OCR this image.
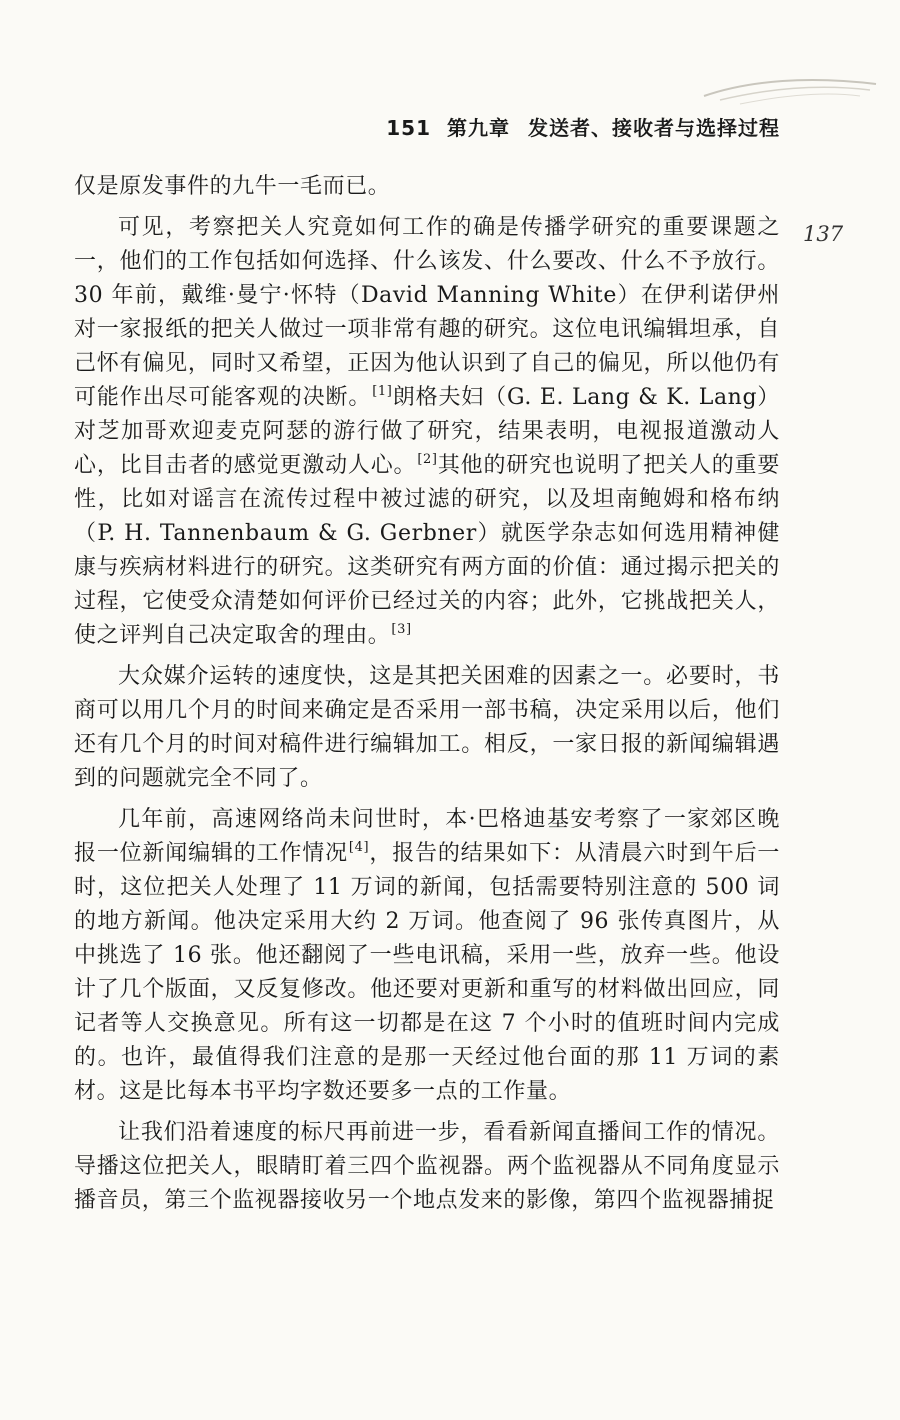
151 第九章 发送者、接收者与选择过程
137

仅是原发事件的九牛一毛而已。

可见，考察把关人究竟如何工作的确是传播学研究的重要课题之一，他们的工作包括如何选择、什么该发、什么要改、什么不予放行。30 年前，戴维·曼宁·怀特（David Manning White）在伊利诺伊州对一家报纸的把关人做过一项非常有趣的研究。这位电讯编辑坦承，自己怀有偏见，同时又希望，正因为他认识到了自己的偏见，所以他仍有可能作出尽可能客观的决断。[1]朗格夫妇（G. E. Lang & K. Lang）对芝加哥欢迎麦克阿瑟的游行做了研究，结果表明，电视报道激动人心，比目击者的感觉更激动人心。[2]其他的研究也说明了把关人的重要性，比如对谣言在流传过程中被过滤的研究，以及坦南鲍姆和格布纳（P. H. Tannenbaum & G. Gerbner）就医学杂志如何选用精神健康与疾病材料进行的研究。这类研究有两方面的价值：通过揭示把关的过程，它使受众清楚如何评价已经过关的内容；此外，它挑战把关人，使之评判自己决定取舍的理由。[3]

大众媒介运转的速度快，这是其把关困难的因素之一。必要时，书商可以用几个月的时间来确定是否采用一部书稿，决定采用以后，他们还有几个月的时间对稿件进行编辑加工。相反，一家日报的新闻编辑遇到的问题就完全不同了。

几年前，高速网络尚未问世时，本·巴格迪基安考察了一家郊区晚报一位新闻编辑的工作情况[4]，报告的结果如下：从清晨六时到午后一时，这位把关人处理了 11 万词的新闻，包括需要特别注意的 500 词的地方新闻。他决定采用大约 2 万词。他查阅了 96 张传真图片，从中挑选了 16 张。他还翻阅了一些电讯稿，采用一些，放弃一些。他设计了几个版面，又反复修改。他还要对更新和重写的材料做出回应，同记者等人交换意见。所有这一切都是在这 7 个小时的值班时间内完成的。也许，最值得我们注意的是那一天经过他台面的那 11 万词的素材。这是比每本书平均字数还要多一点的工作量。

让我们沿着速度的标尺再前进一步，看看新闻直播间工作的情况。导播这位把关人，眼睛盯着三四个监视器。两个监视器从不同角度显示播音员，第三个监视器接收另一个地点发来的影像，第四个监视器捕捉
